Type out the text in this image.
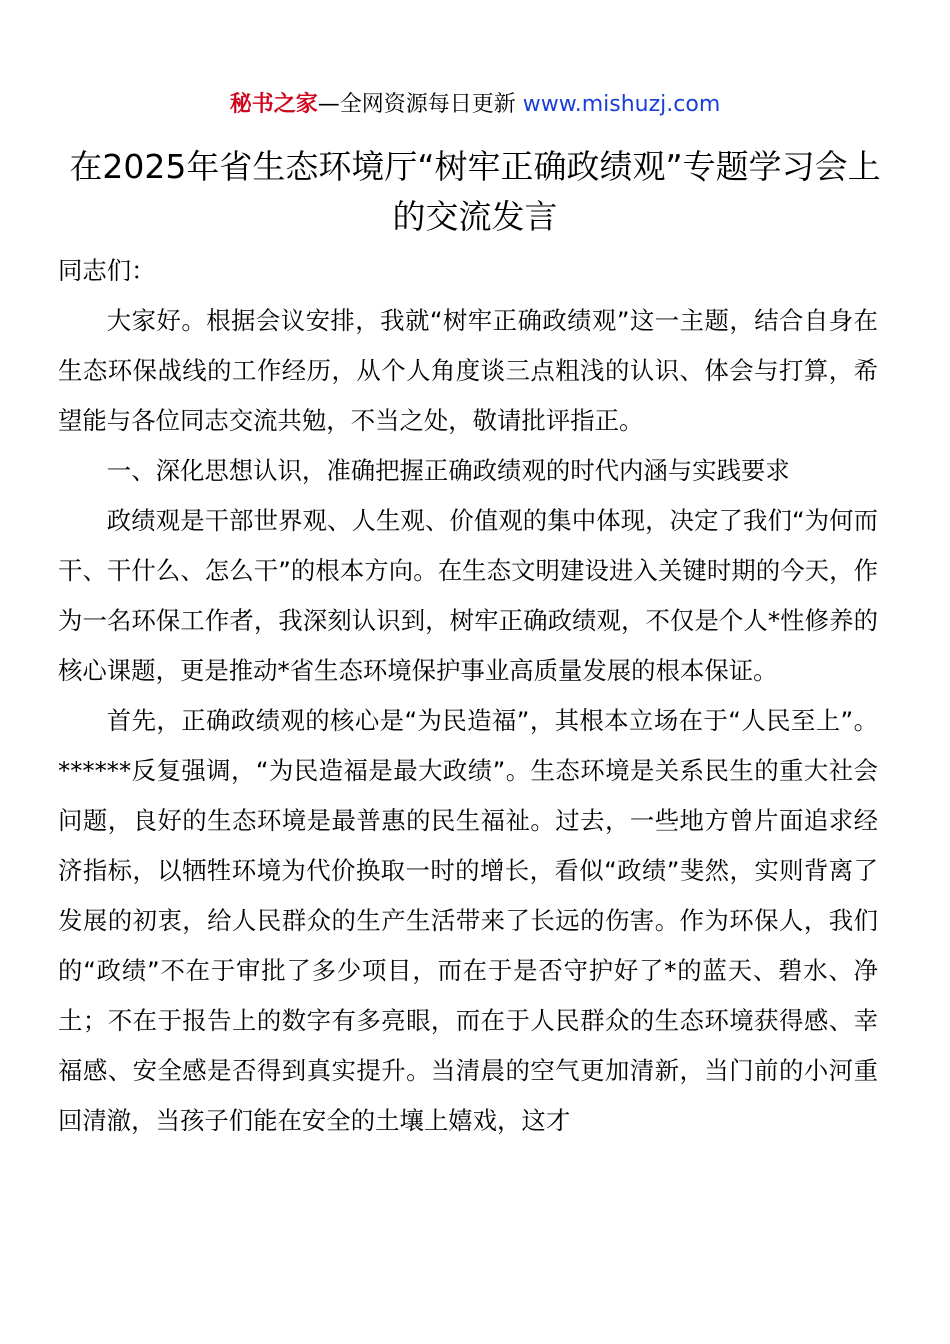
秘书之家—全网资源每日更新 www.mishuzj.com
在2025年省生态环境厅“树牢正确政绩观”专题学习会上的交流发言

同志们：

大家好。根据会议安排，我就“树牢正确政绩观”这一主题，结合自身在生态环保战线的工作经历，从个人角度谈三点粗浅的认识、体会与打算，希望能与各位同志交流共勉，不当之处，敬请批评指正。

一、深化思想认识，准确把握正确政绩观的时代内涵与实践要求

政绩观是干部世界观、人生观、价值观的集中体现，决定了我们“为何而干、干什么、怎么干”的根本方向。在生态文明建设进入关键时期的今天，作为一名环保工作者，我深刻认识到，树牢正确政绩观，不仅是个人*性修养的核心课题，更是推动*省生态环境保护事业高质量发展的根本保证。

首先，正确政绩观的核心是“为民造福”，其根本立场在于“人民至上”。******反复强调，“为民造福是最大政绩”。生态环境是关系民生的重大社会问题，良好的生态环境是最普惠的民生福祉。过去，一些地方曾片面追求经济指标，以牺牲环境为代价换取一时的增长，看似“政绩”斐然，实则背离了发展的初衷，给人民群众的生产生活带来了长远的伤害。作为环保人，我们的“政绩”不在于审批了多少项目，而在于是否守护好了*的蓝天、碧水、净土；不在于报告上的数字有多亮眼，而在于人民群众的生态环境获得感、幸福感、安全感是否得到真实提升。当清晨的空气更加清新，当门前的小河重回清澈，当孩子们能在安全的土壤上嬉戏，这才
